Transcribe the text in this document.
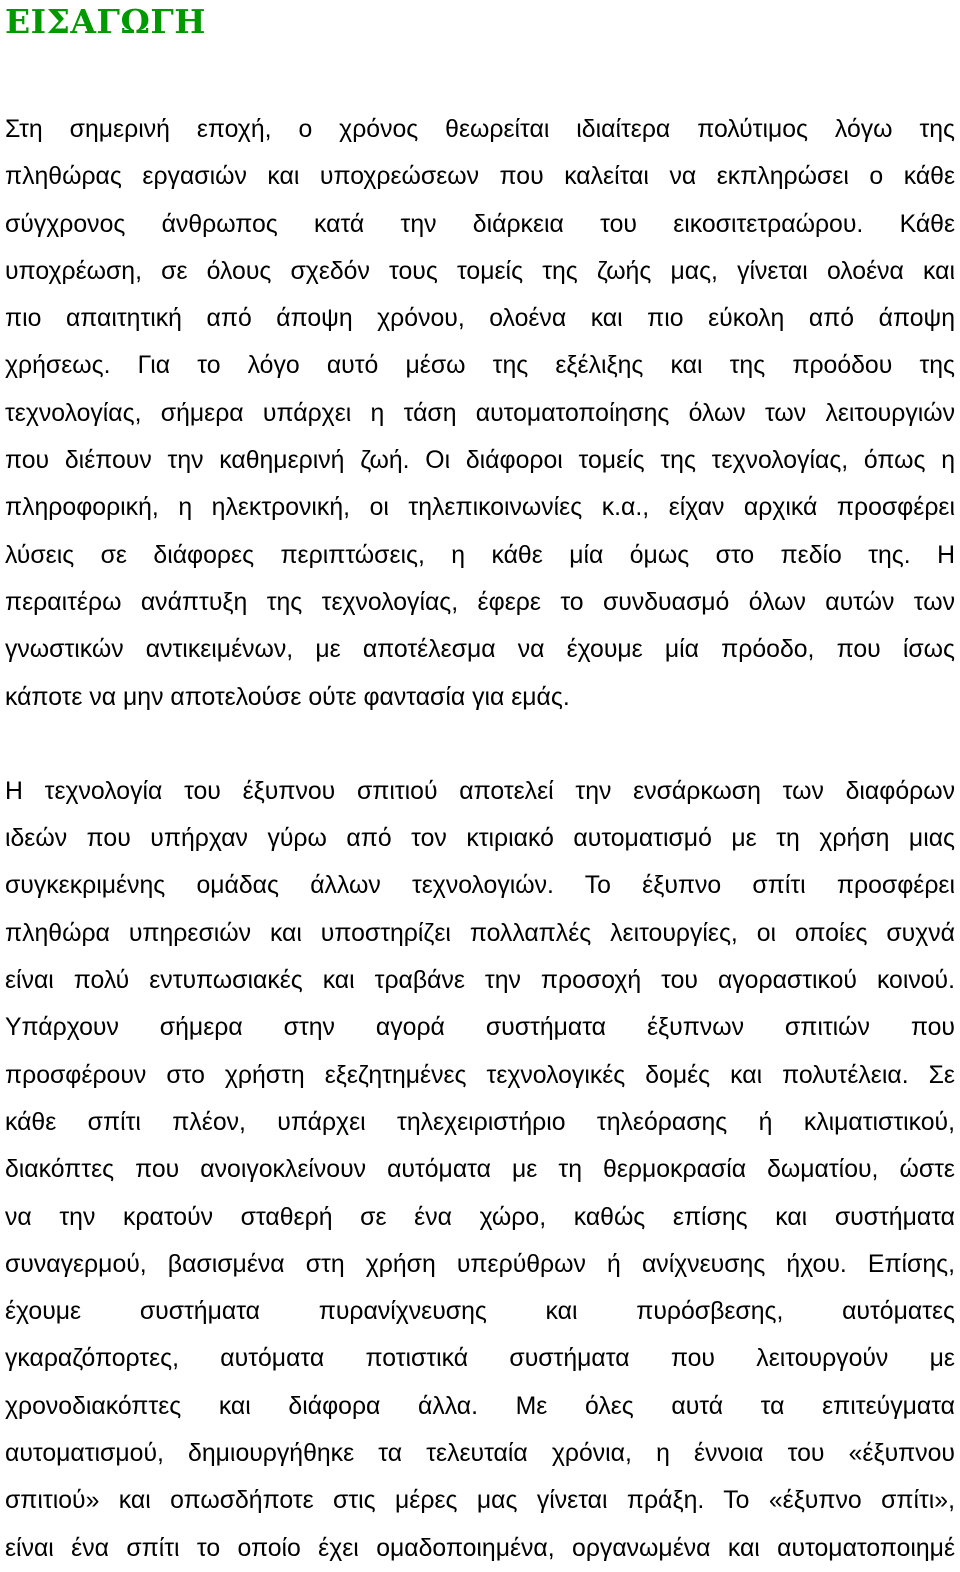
ΕΙΣΑΓΩΓΗ
Στη σημερινή εποχή, ο χρόνος θεωρείται ιδιαίτερα πολύτιμος λόγω της
πληθώρας εργασιών και υποχρεώσεων που καλείται να εκπληρώσει ο κάθε
σύγχρονος άνθρωπος κατά την διάρκεια του εικοσιτετραώρου. Κάθε
υποχρέωση, σε όλους σχεδόν τους τομείς της ζωής μας, γίνεται ολοένα και
πιο απαιτητική από άποψη χρόνου, ολοένα και πιο εύκολη από άποψη
χρήσεως. Για το λόγο αυτό μέσω της εξέλιξης και της προόδου της
τεχνολογίας, σήμερα υπάρχει η τάση αυτοματοποίησης όλων των λειτουργιών
που διέπουν την καθημερινή ζωή. Οι διάφοροι τομείς της τεχνολογίας, όπως η
πληροφορική, η ηλεκτρονική, οι τηλεπικοινωνίες κ.α., είχαν αρχικά προσφέρει
λύσεις σε διάφορες περιπτώσεις, η κάθε μία όμως στο πεδίο της. Η
περαιτέρω ανάπτυξη της τεχνολογίας, έφερε το συνδυασμό όλων αυτών των
γνωστικών αντικειμένων, με αποτέλεσμα να έχουμε μία πρόοδο, που ίσως
κάποτε να μην αποτελούσε ούτε φαντασία για εμάς.
Η τεχνολογία του έξυπνου σπιτιού αποτελεί την ενσάρκωση των διαφόρων
ιδεών που υπήρχαν γύρω από τον κτιριακό αυτοματισμό με τη χρήση μιας
συγκεκριμένης ομάδας άλλων τεχνολογιών. Το έξυπνο σπίτι προσφέρει
πληθώρα υπηρεσιών και υποστηρίζει πολλαπλές λειτουργίες, οι οποίες συχνά
είναι πολύ εντυπωσιακές και τραβάνε την προσοχή του αγοραστικού κοινού.
Υπάρχουν σήμερα στην αγορά συστήματα έξυπνων σπιτιών που
προσφέρουν στο χρήστη εξεζητημένες τεχνολογικές δομές και πολυτέλεια. Σε
κάθε σπίτι πλέον, υπάρχει τηλεχειριστήριο τηλεόρασης ή κλιματιστικού,
διακόπτες που ανοιγοκλείνουν αυτόματα με τη θερμοκρασία δωματίου, ώστε
να την κρατούν σταθερή σε ένα χώρο, καθώς επίσης και συστήματα
συναγερμού, βασισμένα στη χρήση υπερύθρων ή ανίχνευσης ήχου. Επίσης,
έχουμε συστήματα πυρανίχνευσης και πυρόσβεσης, αυτόματες
γκαραζόπορτες, αυτόματα ποτιστικά συστήματα που λειτουργούν με
χρονοδιακόπτες και διάφορα άλλα. Με όλες αυτά τα επιτεύγματα
αυτοματισμού, δημιουργήθηκε τα τελευταία χρόνια, η έννοια του «έξυπνου
σπιτιού» και οπωσδήποτε στις μέρες μας γίνεται πράξη. Το «έξυπνο σπίτι»,
είναι ένα σπίτι το οποίο έχει ομαδοποιημένα, οργανωμένα και αυτοματοποιημέ
